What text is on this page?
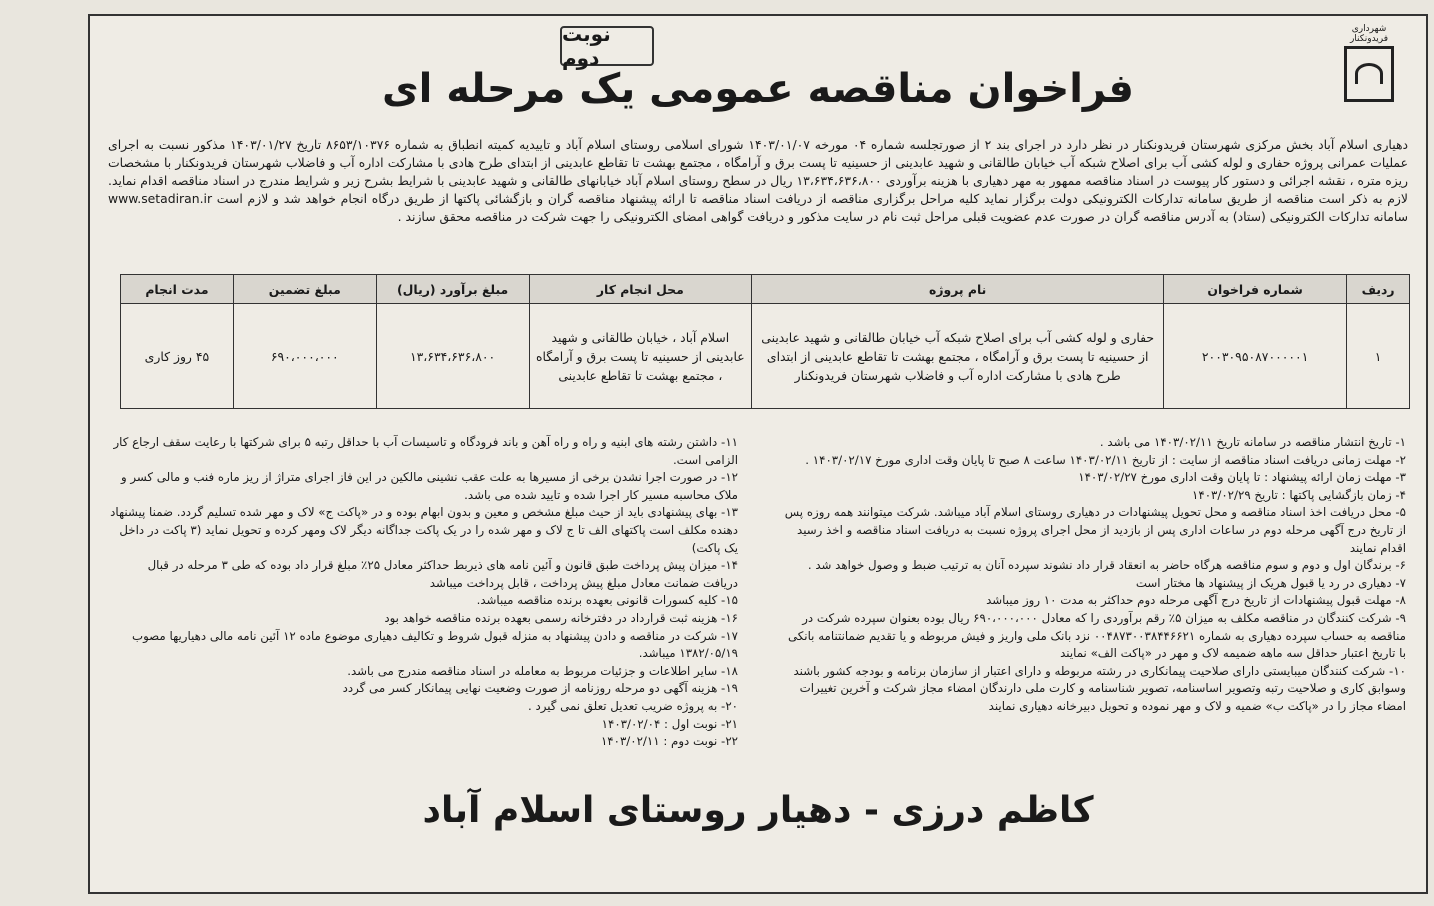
شهرداری فریدونکنار
نوبت دوم
فراخوان مناقصه عمومی یک مرحله ای
دهیاری اسلام آباد بخش مرکزی شهرستان فریدونکنار در نظر دارد در اجرای بند ۲ از صورتجلسه شماره ۰۴ مورخه ۱۴۰۳/۰۱/۰۷ شورای اسلامی روستای اسلام آباد و تاییدیه کمیته انطباق به شماره ۸۶۵۳/۱۰۳۷۶ تاریخ ۱۴۰۳/۰۱/۲۷ مذکور نسبت به اجرای عملیات عمرانی پروژه حفاری و لوله کشی آب برای اصلاح شبکه آب خیابان طالقانی و شهید عابدینی از حسینیه تا پست برق و آرامگاه ، مجتمع بهشت تا تقاطع عابدینی از ابتدای طرح هادی با مشارکت اداره آب و فاضلاب شهرستان فریدونکنار با مشخصات ریزه متره ، نقشه اجرائی و دستور کار پیوست در اسناد مناقصه ممهور به مهر دهیاری با هزینه برآوردی ۱۳،۶۳۴،۶۳۶،۸۰۰ ریال در سطح روستای اسلام آباد خیابانهای طالقانی و شهید عابدینی با شرایط بشرح زیر و شرایط مندرج در اسناد مناقصه اقدام نماید. لازم به ذکر است مناقصه از طریق سامانه تدارکات الکترونیکی دولت برگزار نماید کلیه مراحل برگزاری مناقصه از دریافت اسناد مناقصه تا ارائه پیشنهاد مناقصه گران و بازگشائی پاکتها از طریق درگاه انجام خواهد شد و لازم است www.setadiran.ir سامانه تدارکات الکترونیکی (ستاد) به آدرس مناقصه گران در صورت عدم عضویت قبلی مراحل ثبت نام در سایت مذکور و دریافت گواهی امضای الکترونیکی را جهت شرکت در مناقصه محقق سازند .
ردیف	شماره فراخوان	نام پروژه	محل انجام کار	مبلغ برآورد (ریال)	مبلغ تضمین	مدت انجام
۱	۲۰۰۳۰۹۵۰۸۷۰۰۰۰۰۱	حفاری و لوله کشی آب برای اصلاح شبکه آب خیابان طالقانی و شهید عابدینی از حسینیه تا پست برق و آرامگاه ، مجتمع بهشت تا تقاطع عابدینی از ابتدای طرح هادی با مشارکت اداره آب و فاضلاب شهرستان فریدونکنار	اسلام آباد ، خیابان طالقانی و شهید عابدینی از حسینیه تا پست برق و آرامگاه ، مجتمع بهشت تا تقاطع عابدینی	۱۳،۶۳۴،۶۳۶،۸۰۰	۶۹۰،۰۰۰،۰۰۰	۴۵ روز کاری

۱- تاریخ انتشار مناقصه در سامانه تاریخ ۱۴۰۳/۰۲/۱۱ می باشد .

۲- مهلت زمانی دریافت اسناد مناقصه از سایت : از تاریخ ۱۴۰۳/۰۲/۱۱ ساعت ۸ صبح تا پایان وقت اداری مورخ ۱۴۰۳/۰۲/۱۷ .

۳- مهلت زمان ارائه پیشنهاد : تا پایان وقت اداری مورخ ۱۴۰۳/۰۲/۲۷

۴- زمان بازگشایی پاکتها : تاریخ ۱۴۰۳/۰۲/۲۹

۵- محل دریافت اخذ اسناد مناقصه و محل تحویل پیشنهادات در دهیاری روستای اسلام آباد میباشد. شرکت میتوانند همه روزه پس از تاریخ درج آگهی مرحله دوم در ساعات اداری پس از بازدید از محل اجرای پروژه نسبت به دریافت اسناد مناقصه و اخذ رسید اقدام نمایند

۶- برندگان اول و دوم و سوم مناقصه هرگاه حاضر به انعقاد قرار داد نشوند سپرده آنان به ترتیب ضبط و وصول خواهد شد .

۷- دهیاری در رد یا قبول هریک از پیشنهاد ها مختار است

۸- مهلت قبول پیشنهادات از تاریخ درج آگهی مرحله دوم حداکثر به مدت ۱۰ روز میباشد

۹- شرکت کنندگان در مناقصه مکلف به میزان ۵٪ رقم برآوردی را که معادل ۶۹۰،۰۰۰،۰۰۰ ریال بوده بعنوان سپرده شرکت در مناقصه به حساب سپرده دهیاری به شماره ۰۰۴۸۷۳۰۰۳۸۴۴۶۶۲۱ نزد بانک ملی واریز و فیش مربوطه و یا تقدیم ضمانتنامه بانکی با تاریخ اعتبار حداقل سه ماهه ضمیمه لاک و مهر در «پاکت الف» نمایند

۱۰- شرکت کنندگان میبایستی دارای صلاحیت پیمانکاری در رشته مربوطه و دارای اعتبار از سازمان برنامه و بودجه کشور باشند وسوابق کاری و صلاحیت رتبه وتصویر اساسنامه، تصویر شناسنامه و کارت ملی دارندگان امضاء مجاز شرکت و آخرین تغییرات امضاء مجاز را در «پاکت ب» ضمیه و لاک و مهر نموده و تحویل دبیرخانه دهیاری نمایند

۱۱- داشتن رشته های ابنیه و راه و راه آهن و باند فرودگاه و تاسیسات آب با حداقل رتبه ۵ برای شرکتها با رعایت سقف ارجاع کار الزامی است.

۱۲- در صورت اجرا نشدن برخی از مسیرها به علت عقب نشینی مالکین در این فاز اجرای متراژ از ریز ماره فنب و مالی کسر و ملاک محاسبه مسیر کار اجرا شده و تایید شده می باشد.

۱۳- بهای پیشنهادی باید از حیث مبلغ مشخص و معین و بدون ابهام بوده و در «پاکت ج» لاک و مهر شده تسلیم گردد. ضمنا پیشنهاد دهنده مکلف است پاکتهای الف تا ج لاک و مهر شده را در یک پاکت جداگانه دیگر لاک ومهر کرده و تحویل نماید (۳ پاکت در داخل یک پاکت)

۱۴- میزان پیش پرداخت طبق قانون و آئین نامه های ذیربط حداکثر معادل ۲۵٪ مبلغ قرار داد بوده که طی ۳ مرحله در قبال دریافت ضمانت معادل مبلغ پیش پرداخت ، قابل پرداخت میباشد

۱۵- کلیه کسورات قانونی بعهده برنده مناقصه میباشد.

۱۶- هزینه ثبت قرارداد در دفترخانه رسمی بعهده برنده مناقصه خواهد بود

۱۷- شرکت در مناقصه و دادن پیشنهاد به منزله قبول شروط و تکالیف دهیاری موضوع ماده ۱۲ آئین نامه مالی دهیاریها مصوب ۱۳۸۲/۰۵/۱۹ میباشد.

۱۸- سایر اطلاعات و جزئیات مربوط به معامله در اسناد مناقصه مندرج می باشد.

۱۹- هزینه آگهی دو مرحله روزنامه از صورت وضعیت نهایی پیمانکار کسر می گردد

۲۰- به پروژه ضریب تعدیل تعلق نمی گیرد .

۲۱- نوبت اول : ۱۴۰۳/۰۲/۰۴

۲۲- نوبت دوم : ۱۴۰۳/۰۲/۱۱

کاظم درزی - دهیار روستای اسلام آباد
